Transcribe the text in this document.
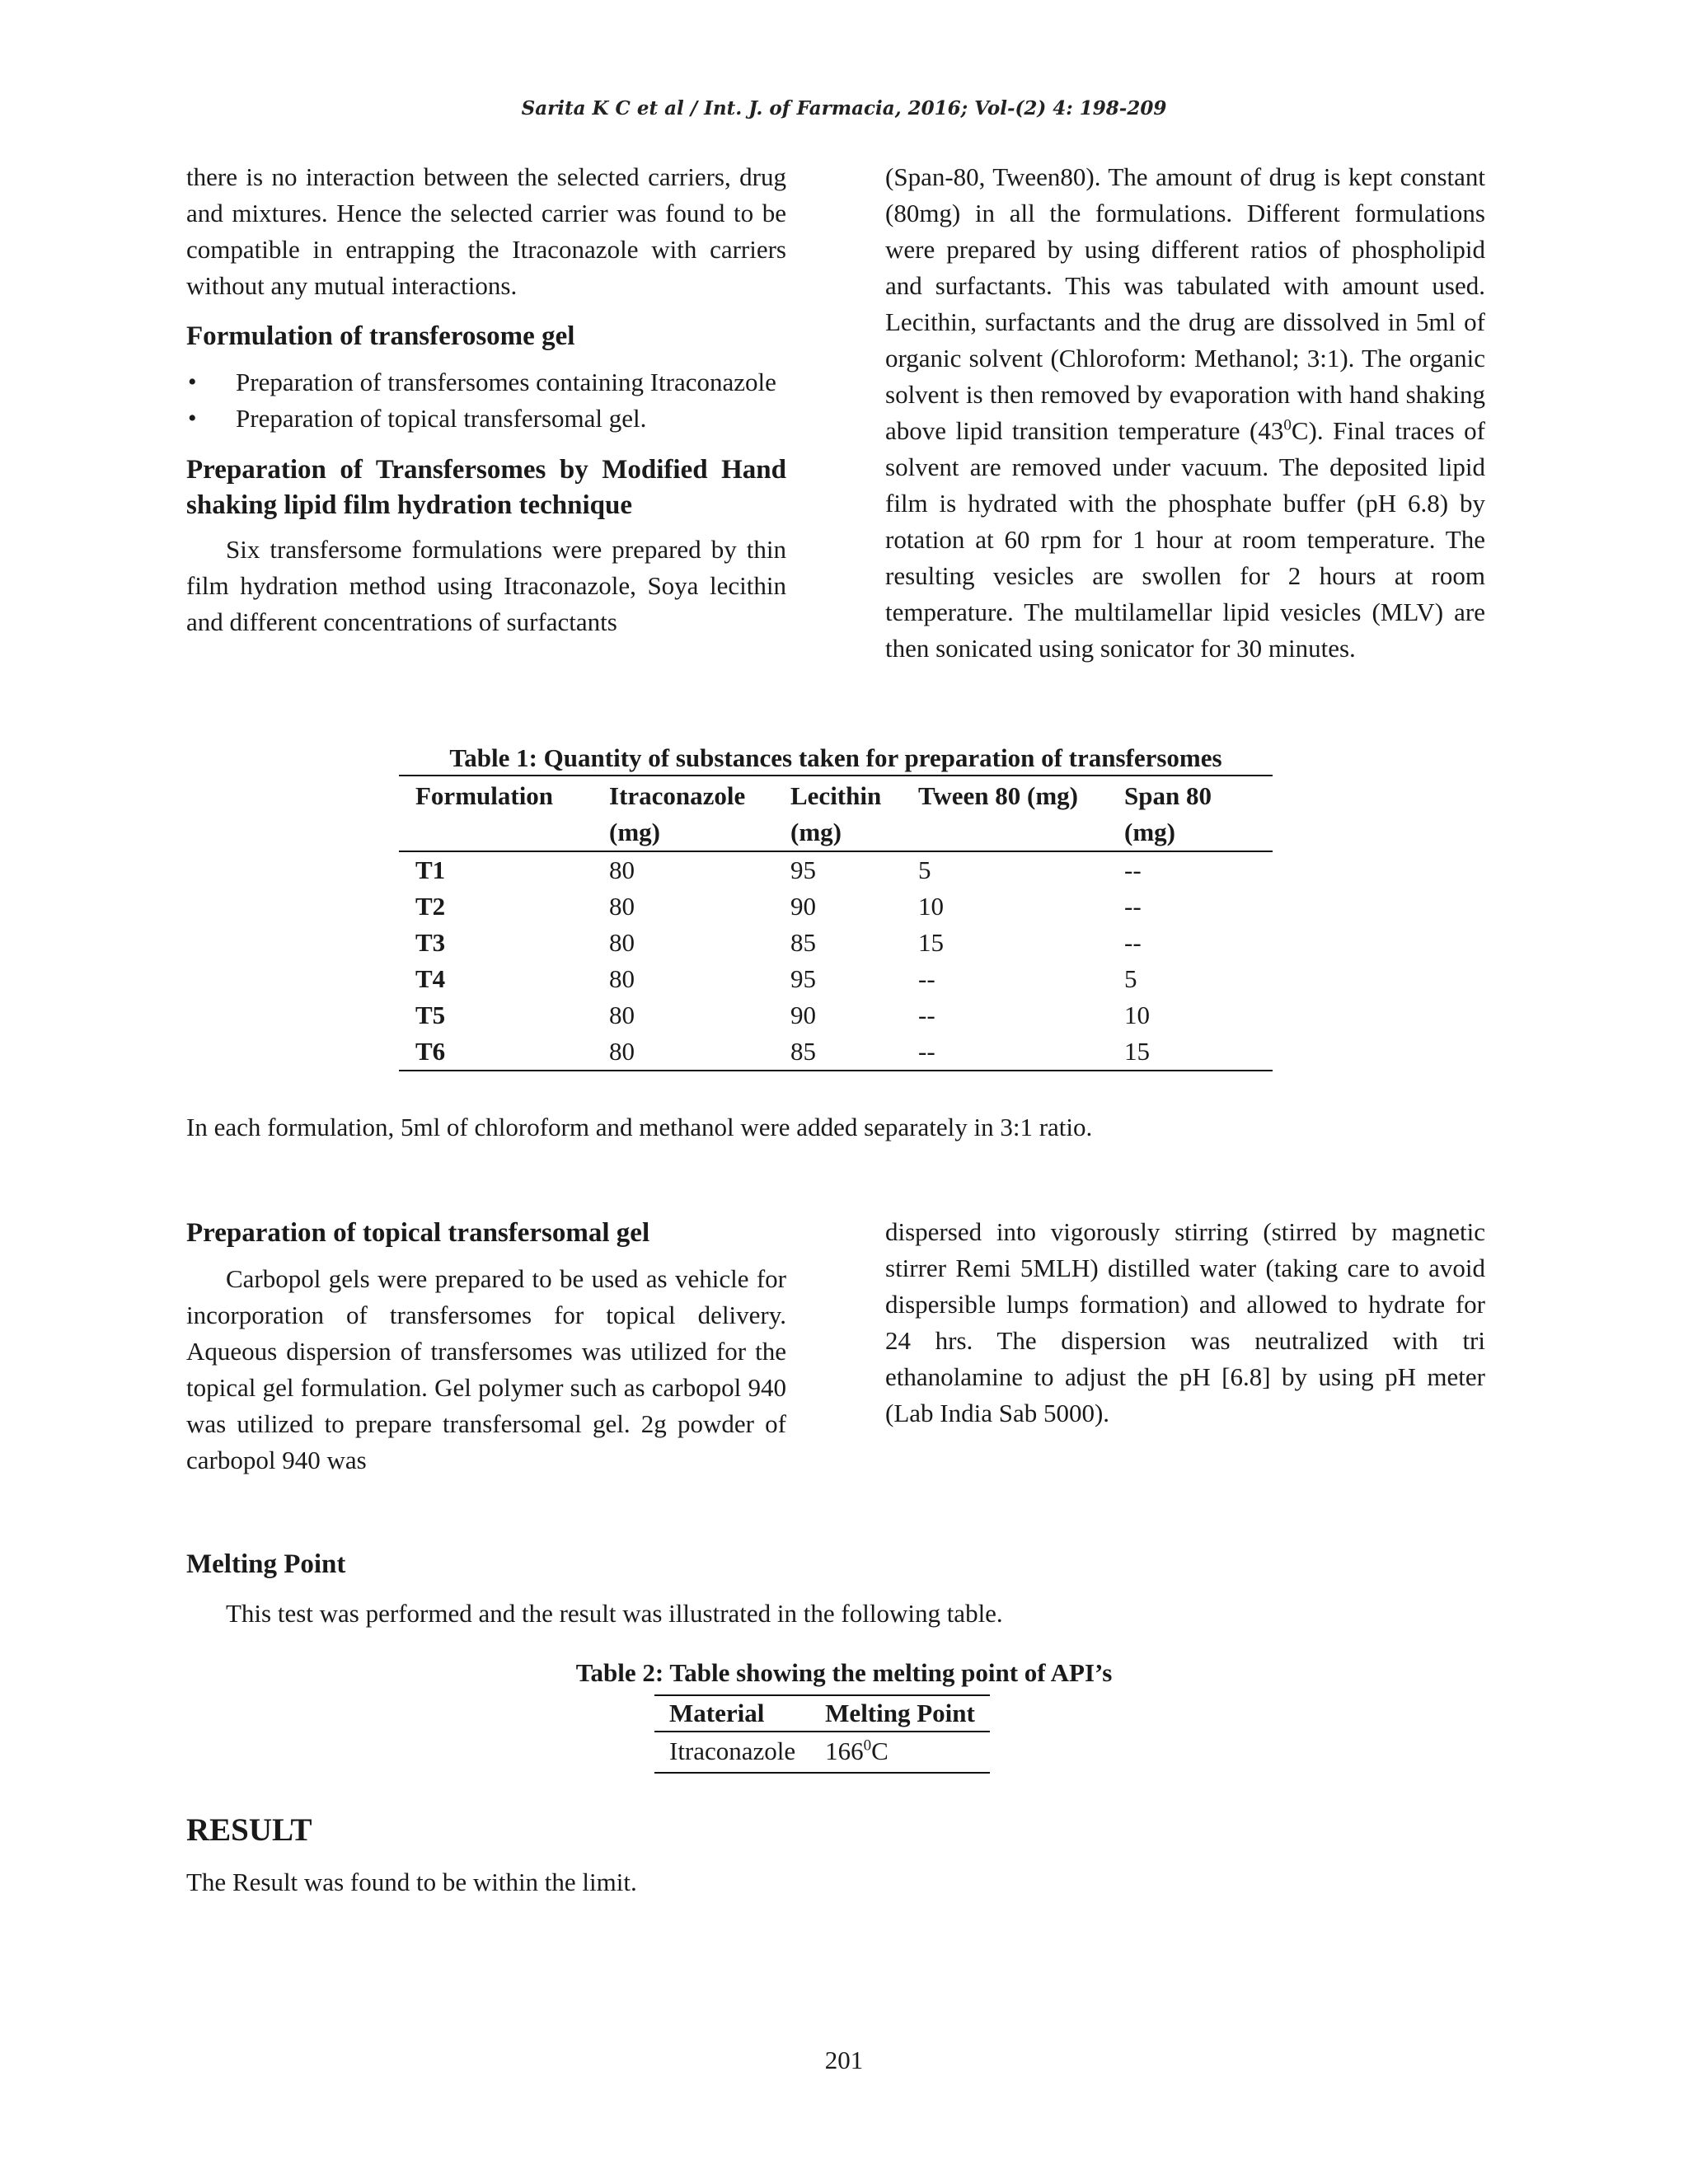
Sarita K C et al / Int. J. of Farmacia, 2016; Vol-(2) 4: 198-209

there is no interaction between the selected carriers, drug and mixtures. Hence the selected carrier was found to be compatible in entrapping the Itraconazole with carriers without any mutual interactions.

Formulation of transferosome gel
• Preparation of transfersomes containing Itraconazole
• Preparation of topical transfersomal gel.
Preparation of Transfersomes by Modified Hand shaking lipid film hydration technique

Six transfersome formulations were prepared by thin film hydration method using Itraconazole, Soya lecithin and different concentrations of surfactants

(Span-80, Tween80). The amount of drug is kept constant (80mg) in all the formulations. Different formulations were prepared by using different ratios of phospholipid and surfactants. This was tabulated with amount used. Lecithin, surfactants and the drug are dissolved in 5ml of organic solvent (Chloroform: Methanol; 3:1). The organic solvent is then removed by evaporation with hand shaking above lipid transition temperature $(43^0C)$. Final traces of solvent are removed under vacuum. The deposited lipid film is hydrated with the phosphate buffer (pH 6.8) by rotation at 60 rpm for 1 hour at room temperature. The resulting vesicles are swollen for 2 hours at room temperature. The multilamellar lipid vesicles (MLV) are then sonicated using sonicator for 30 minutes.

Table 1: Quantity of substances taken for preparation of transfersomes
Formulation	Itraconazole (mg)	Lecithin (mg)	Tween 80 (mg)	Span 80 (mg)
T1	80	95	5	--
T2	80	90	10	--
T3	80	85	15	--
T4	80	95	--	5
T5	80	90	--	10
T6	80	85	--	15
In each formulation, 5ml of chloroform and methanol were added separately in 3:1 ratio.
Preparation of topical transfersomal gel

Carbopol gels were prepared to be used as vehicle for incorporation of transfersomes for topical delivery. Aqueous dispersion of transfersomes was utilized for the topical gel formulation. Gel polymer such as carbopol 940 was utilized to prepare transfersomal gel. 2g powder of carbopol 940 was

dispersed into vigorously stirring (stirred by magnetic stirrer Remi 5MLH) distilled water (taking care to avoid dispersible lumps formation) and allowed to hydrate for 24 hrs. The dispersion was neutralized with tri ethanolamine to adjust the pH [6.8] by using pH meter (Lab India Sab 5000).

Melting Point
This test was performed and the result was illustrated in the following table.
Table 2: Table showing the melting point of API’s
Material	Melting Point
Itraconazole	$166^0C$
RESULT
The Result was found to be within the limit.
201
